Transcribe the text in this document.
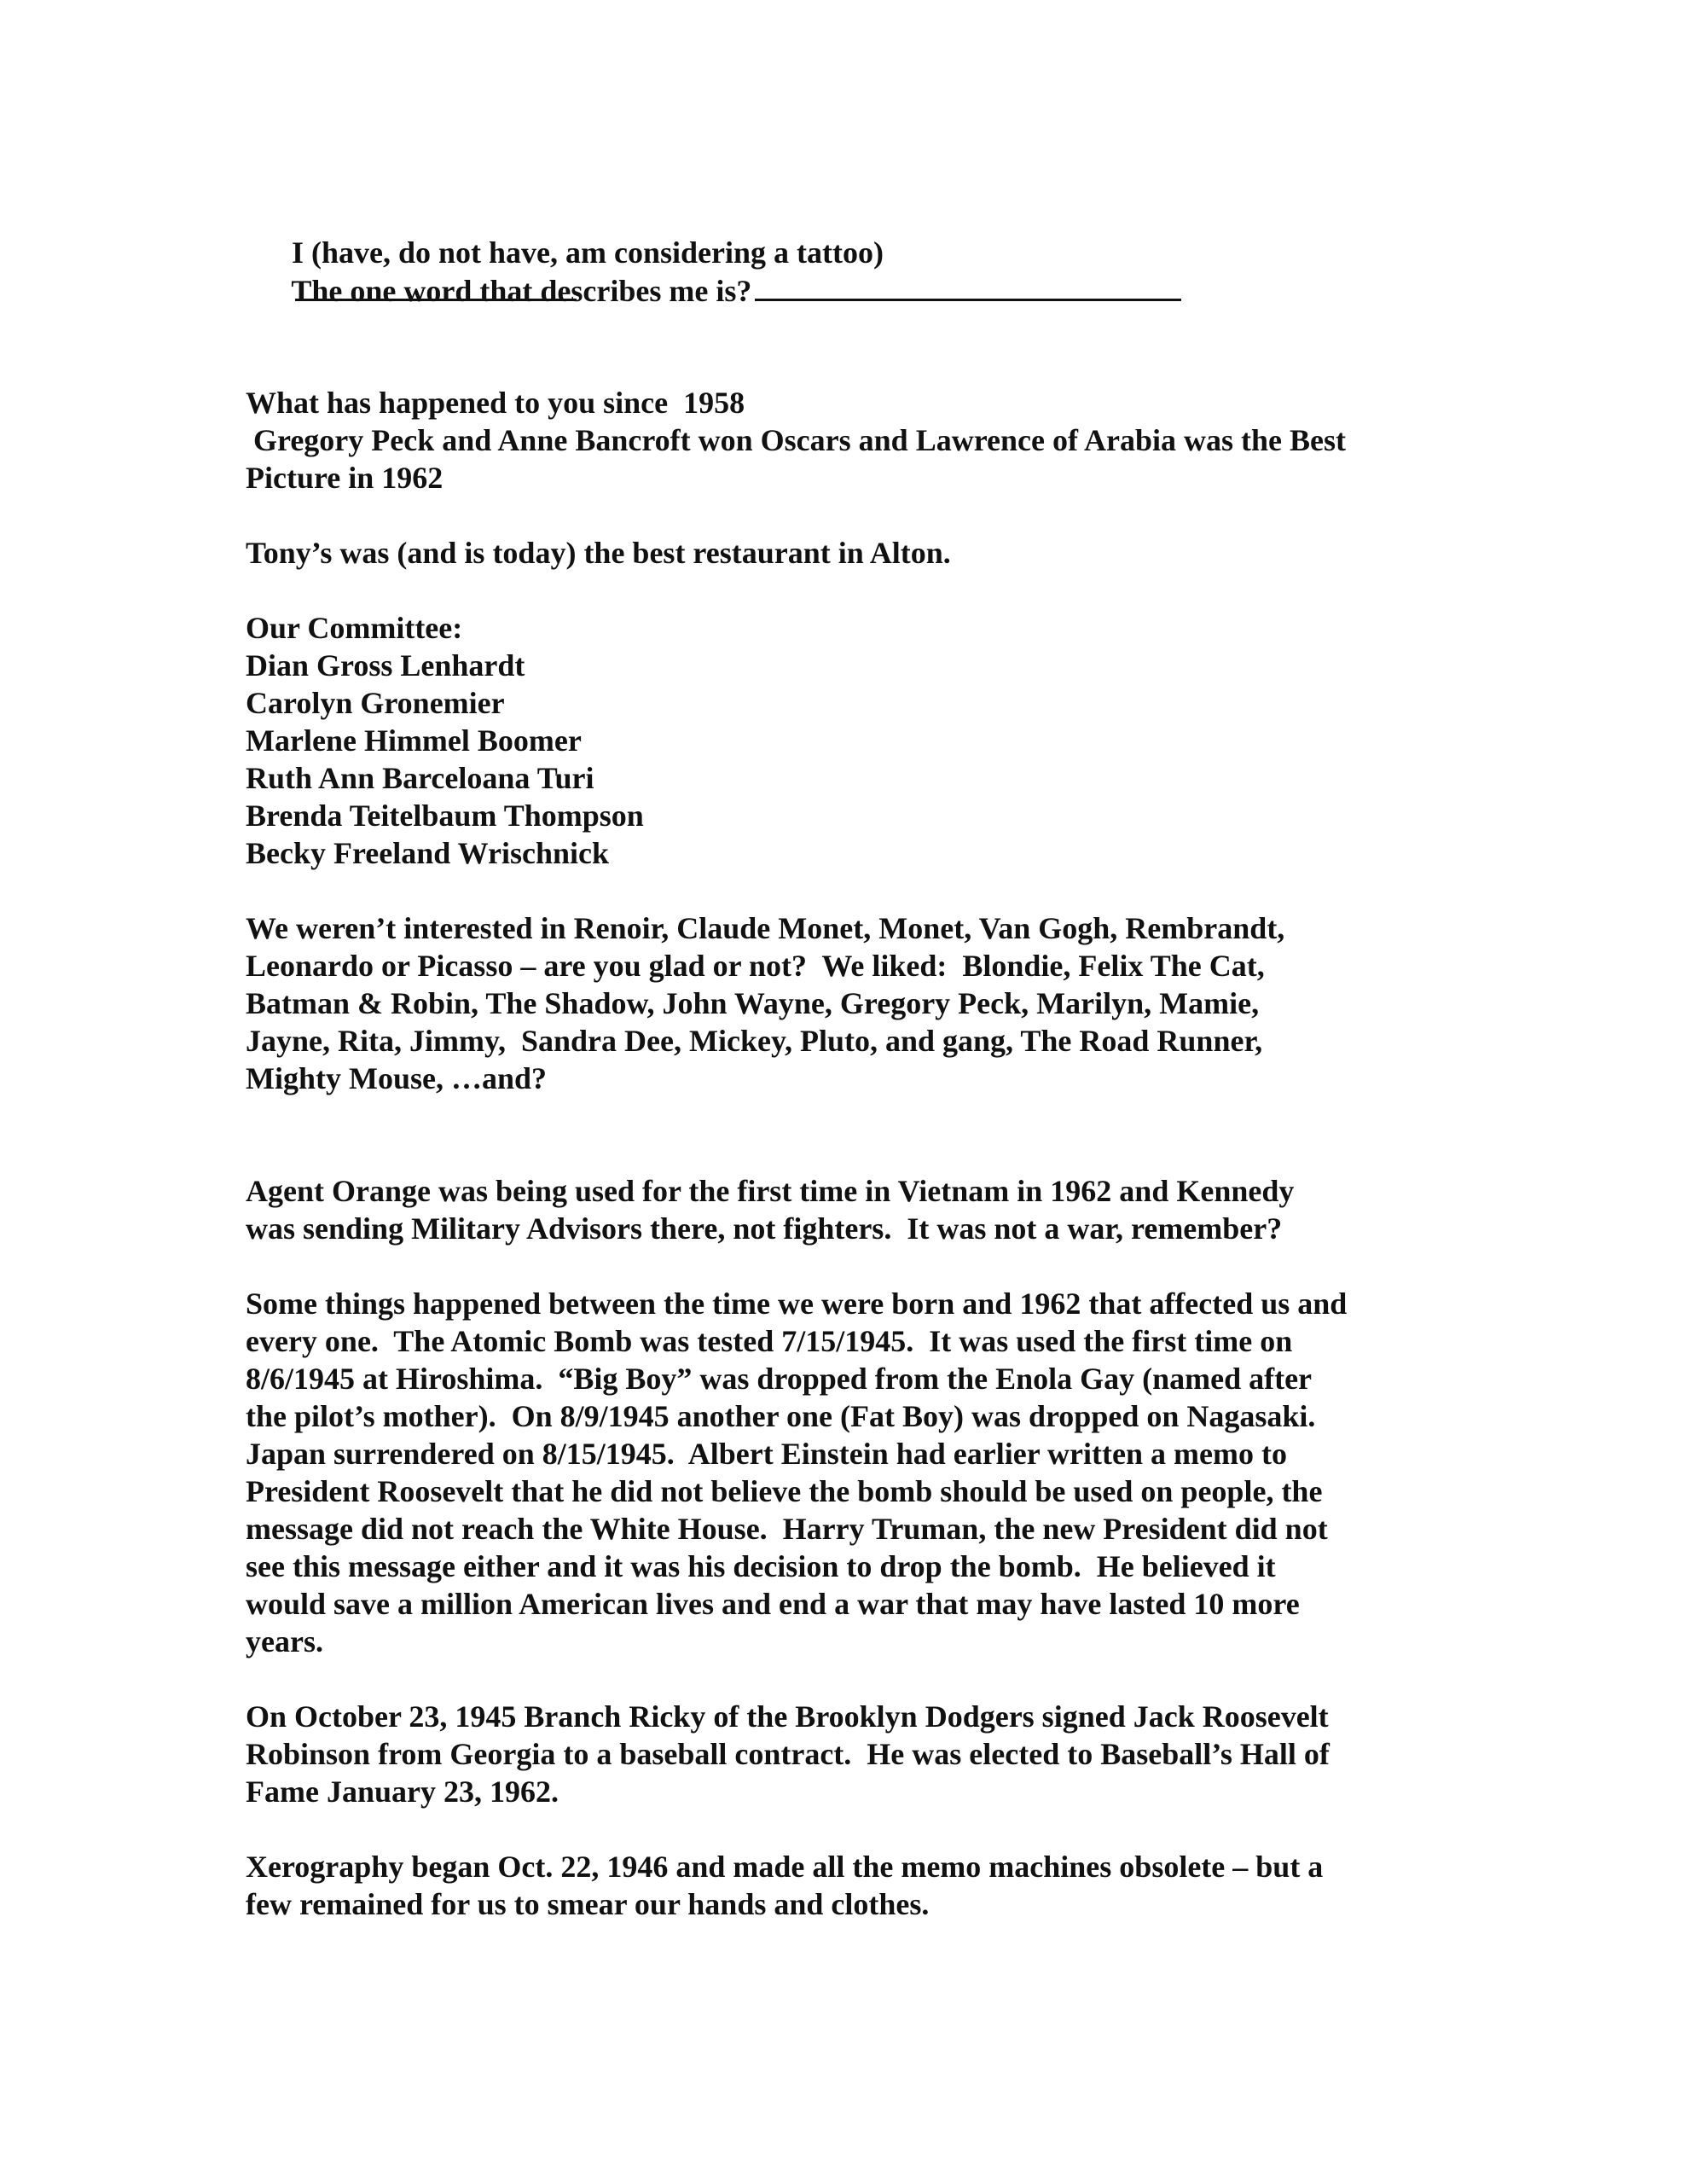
I (have, do not have, am considering a tattoo)

The one word that describes me is?

What has happened to you since  1958
Gregory Peck and Anne Bancroft won Oscars and Lawrence of Arabia was the Best
Picture in 1962
Tony’s was (and is today) the best restaurant in Alton.
Our Committee:
Dian Gross Lenhardt
Carolyn Gronemier
Marlene Himmel Boomer
Ruth Ann Barceloana Turi
Brenda Teitelbaum Thompson
Becky Freeland Wrischnick
We weren’t interested in Renoir, Claude Monet, Monet, Van Gogh, Rembrandt,
Leonardo or Picasso – are you glad or not?  We liked:  Blondie, Felix The Cat,
Batman & Robin, The Shadow, John Wayne, Gregory Peck, Marilyn, Mamie,
Jayne, Rita, Jimmy,  Sandra Dee, Mickey, Pluto, and gang, The Road Runner,
Mighty Mouse, …and?
Agent Orange was being used for the first time in Vietnam in 1962 and Kennedy
was sending Military Advisors there, not fighters.  It was not a war, remember?
Some things happened between the time we were born and 1962 that affected us and
every one.  The Atomic Bomb was tested 7/15/1945.  It was used the first time on
8/6/1945 at Hiroshima.  “Big Boy” was dropped from the Enola Gay (named after
the pilot’s mother).  On 8/9/1945 another one (Fat Boy) was dropped on Nagasaki.
Japan surrendered on 8/15/1945.  Albert Einstein had earlier written a memo to
President Roosevelt that he did not believe the bomb should be used on people, the
message did not reach the White House.  Harry Truman, the new President did not
see this message either and it was his decision to drop the bomb.  He believed it
would save a million American lives and end a war that may have lasted 10 more
years.
On October 23, 1945 Branch Ricky of the Brooklyn Dodgers signed Jack Roosevelt
Robinson from Georgia to a baseball contract.  He was elected to Baseball’s Hall of
Fame January 23, 1962.
Xerography began Oct. 22, 1946 and made all the memo machines obsolete – but a
few remained for us to smear our hands and clothes.
